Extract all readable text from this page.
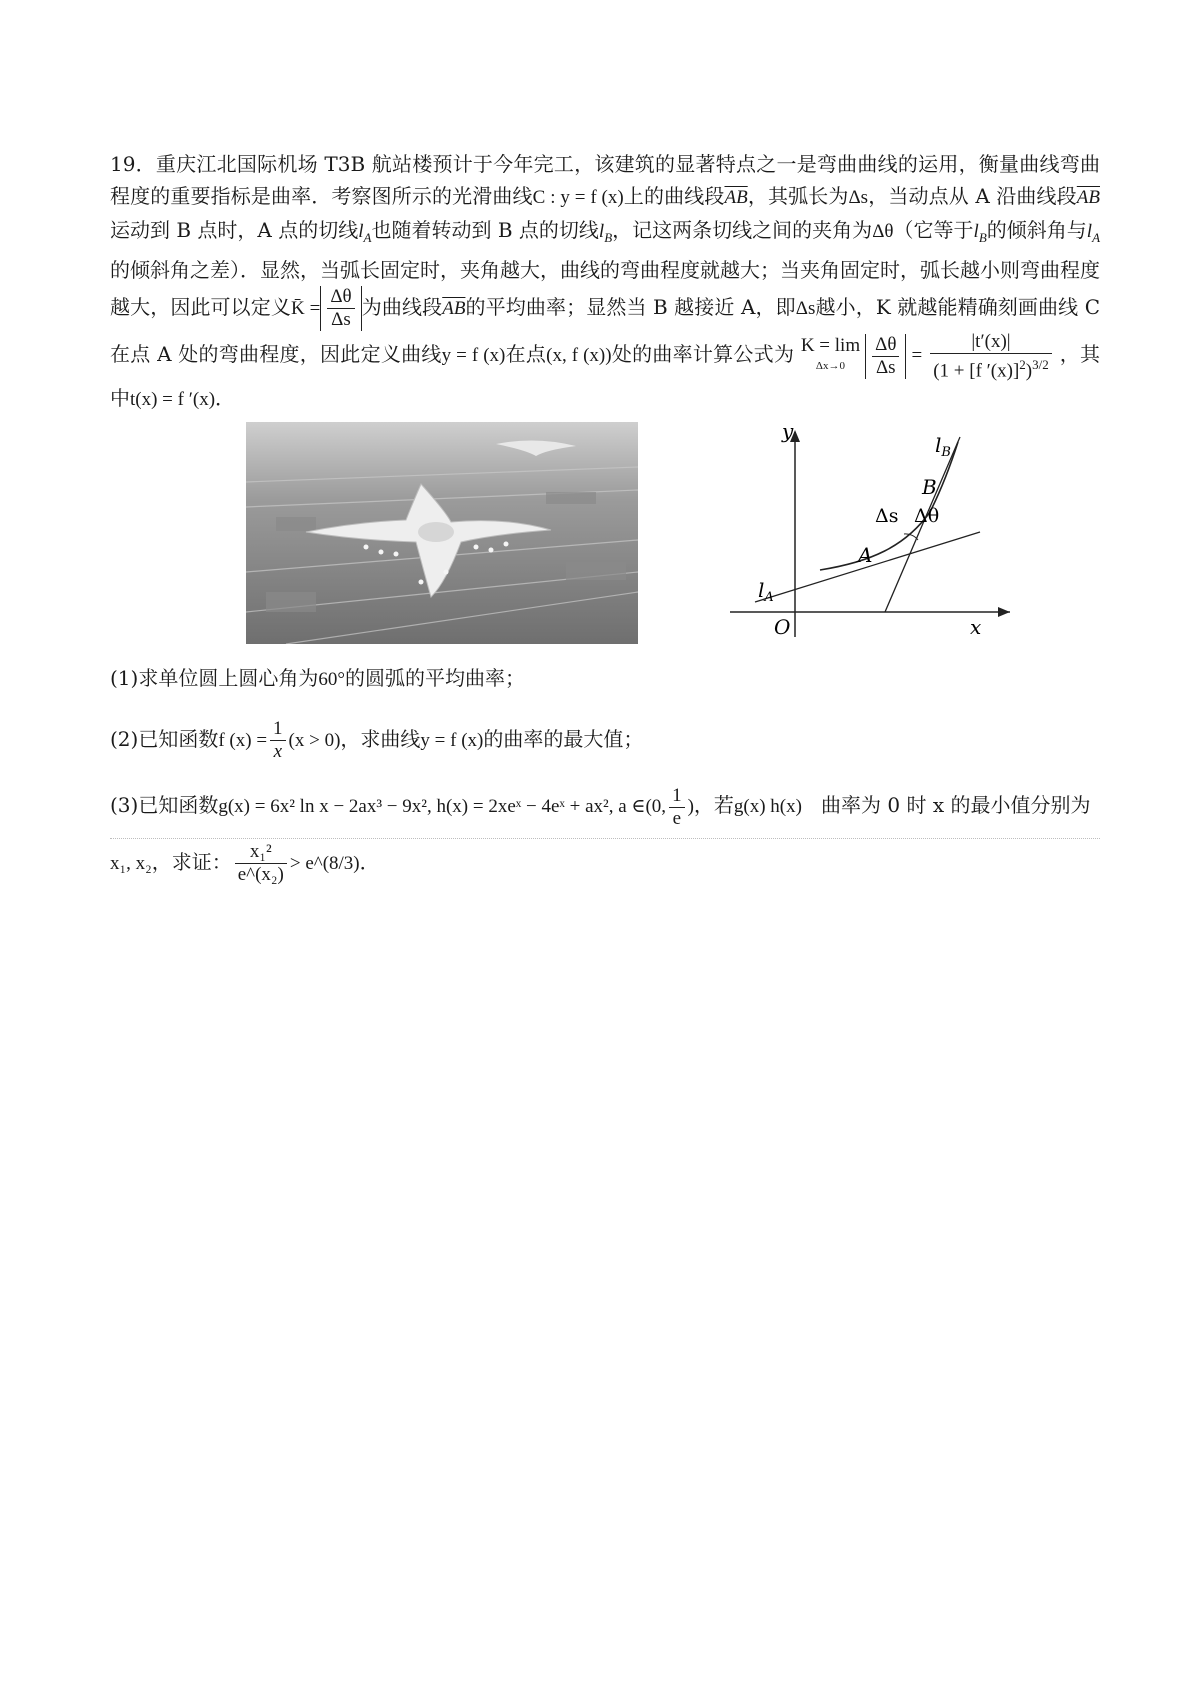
19．重庆江北国际机场 T3B 航站楼预计于今年完工，该建筑的显著特点之一是弯曲曲线的运用，衡量曲线弯曲程度的重要指标是曲率．考察图所示的光滑曲线C : y = f (x)上的曲线段$\overline{AB}$，其弧长为Δs，当动点从 A 沿曲线段$\overline{AB}$运动到 B 点时，A 点的切线$l_A$也随着转动到 B 点的切线$l_B$，记这两条切线之间的夹角为Δθ（它等于$l_B$的倾斜角与$l_A$的倾斜角之差）．显然，当弧长固定时，夹角越大，曲线的弯曲程度就越大；当夹角固定时，弧长越小则弯曲程度越大，因此可以定义K̄ = $\frac{\Delta\theta}{\Delta s}$ 为曲线段$\overline{AB}$的平均曲率；显然当 B 越接近 A，即Δs越小，K 就越能精确刻画曲线 C 在点 A 处的弯曲程度，因此定义曲线y = f (x)在点(x, f (x))处的曲率计算公式为 K = lim
$\Delta x\to 0 \frac{\Delta\theta}{\Delta s} = \frac{|t'(x)|}{(1 + [f '(x)]^2)^{3/2}}$ ，其中t(x) = f ′(x)．

$l_A$
$l_B$
y
x
O
A
B
Δs Δθ

(1)求单位圆上圆心角为60°的圆弧的平均曲率；

(2)已知函数f $(x) = \frac{1}{x} (x > 0)$，求曲线y = f (x)的曲率的最大值；

(3)已知函数g(x) = 6x² ln x − 2ax³ − 9x², h(x) = 2xeˣ − 4eˣ + ax², a ∈(0, $\frac{1}{e}$ )，若g(x) h(x) 曲率为 0 时 x 的最小值分别为

x₁, x₂，求证： $\frac{\text{x₁²}}{\text{e\textasciicircum{}(x₂)}}$ > e^(8/3)．
